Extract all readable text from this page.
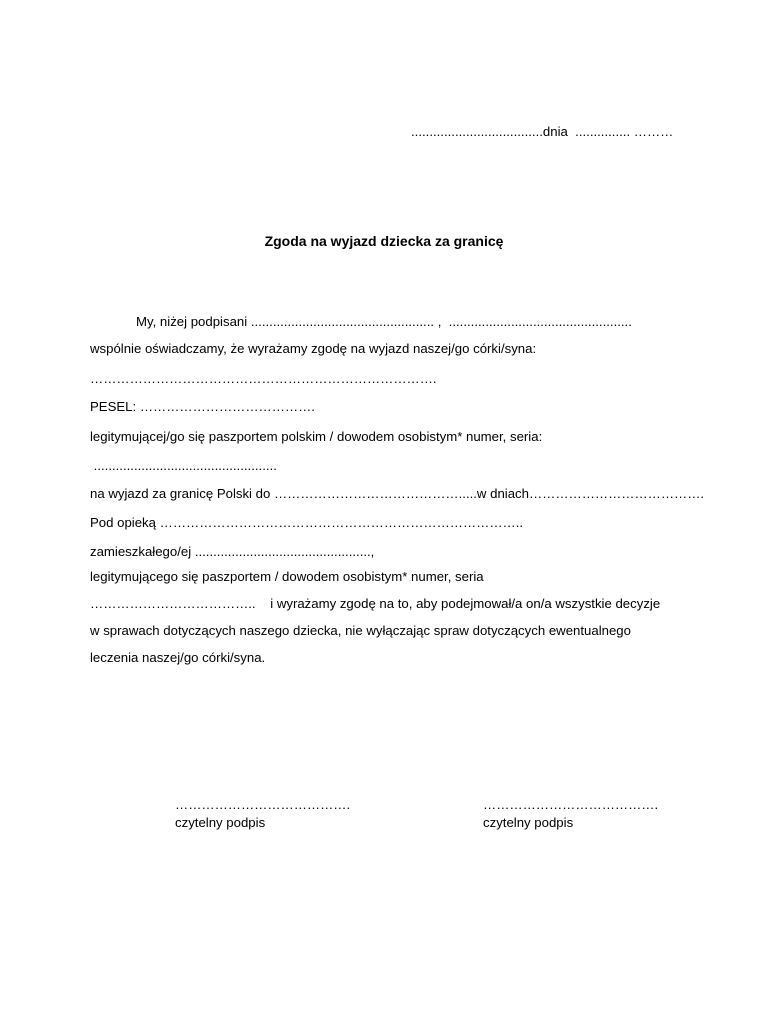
....................................dnia  ............... ………
Zgoda na wyjazd dziecka za granicę
My, niżej podpisani .................................................. ,  ..................................................
wspólnie oświadczamy, że wyrażamy zgodę na wyjazd naszej/go córki/syna:
…………………………………………………………………….
PESEL: ………………………………….
legitymującej/go się paszportem polskim / dowodem osobistym* numer, seria:
..................................................
na wyjazd za granicę Polski do …………………………………….....w dniach………………………………….
Pod opieką ………………………………………………………………………..
zamieszkałego/ej ................................................,
legitymującego się paszportem / dowodem osobistym* numer, seria
………………………………..    i wyrażamy zgodę na to, aby podejmował/a on/a wszystkie decyzje
w sprawach dotyczących naszego dziecka, nie wyłączając spraw dotyczących ewentualnego
leczenia naszej/go córki/syna.
………………………………….
czytelny podpis
………………………………….
czytelny podpis
